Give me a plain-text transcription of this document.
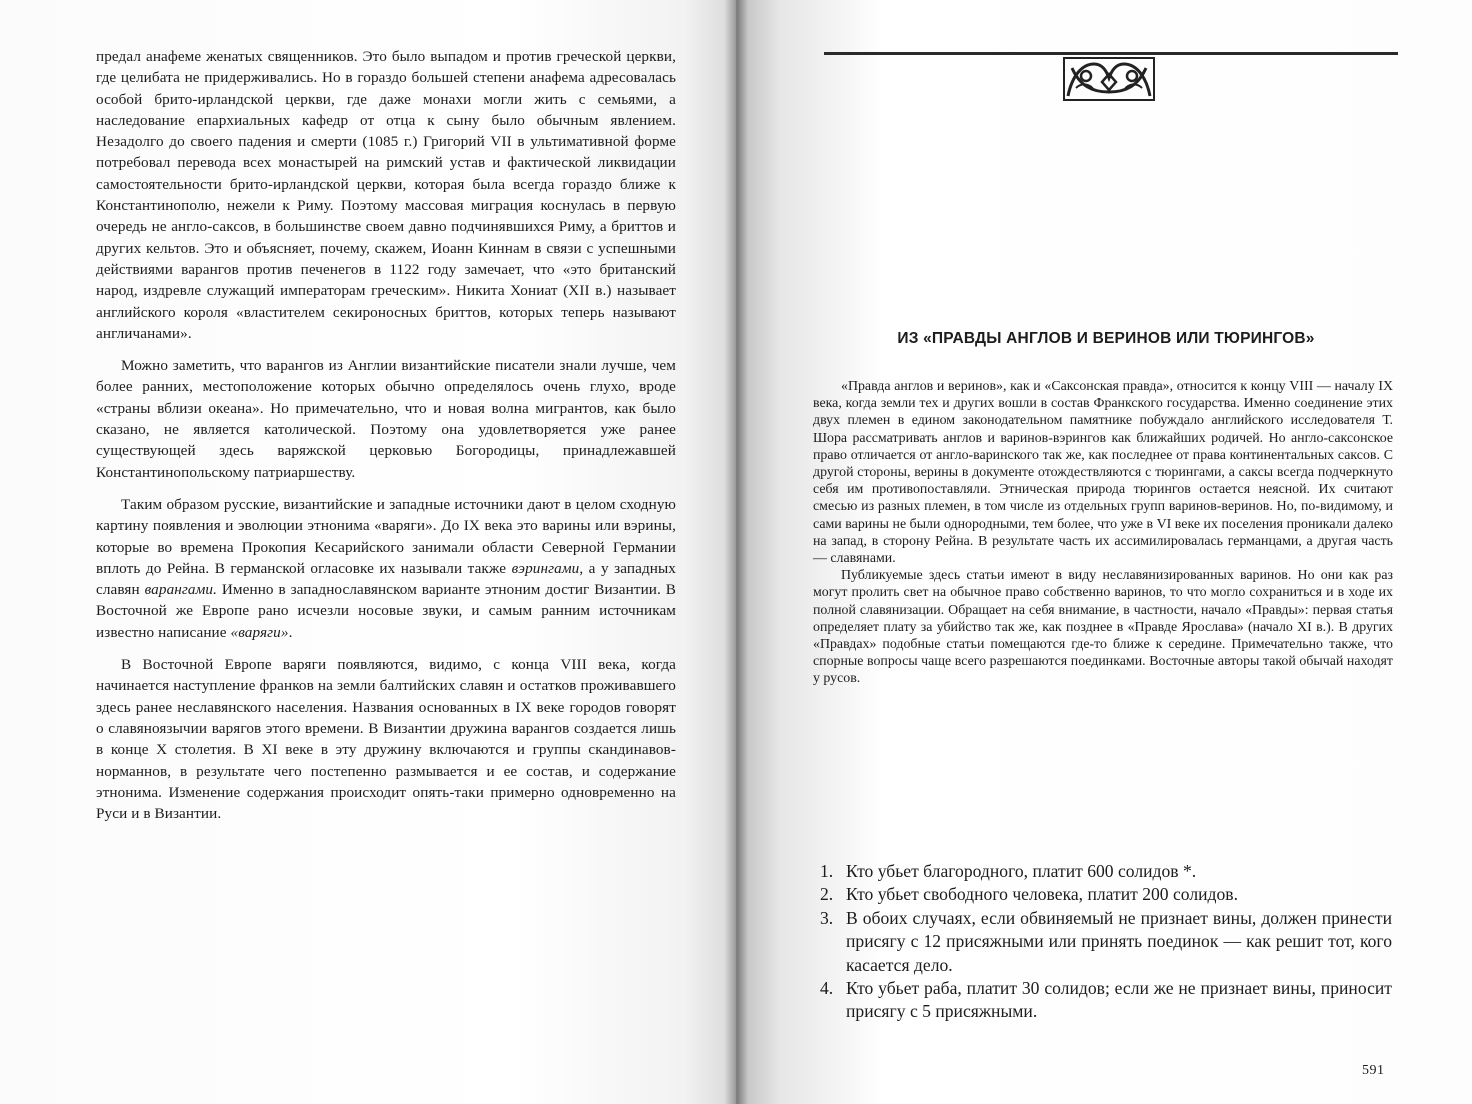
предал анафеме женатых священников. Это было выпадом и против греческой церкви, где целибата не придерживались. Но в гораздо большей степени анафема адресовалась особой брито-ирландской церкви, где даже монахи могли жить с семьями, а наследование епархиальных кафедр от отца к сыну было обычным явлением. Незадолго до своего падения и смерти (1085 г.) Григорий VII в ультимативной форме потребовал перевода всех монастырей на римский устав и фактической ликвидации самостоятельности брито-ирландской церкви, которая была всегда гораздо ближе к Константинополю, нежели к Риму. Поэтому массовая миграция коснулась в первую очередь не англо-саксов, в большинстве своем давно подчинявшихся Риму, а бриттов и других кельтов. Это и объясняет, почему, скажем, Иоанн Киннам в связи с успешными действиями варангов против печенегов в 1122 году замечает, что «это британский народ, издревле служащий императорам греческим». Никита Хониат (XII в.) называет английского короля «властителем секироносных бриттов, которых теперь называют англичанами».

Можно заметить, что варангов из Англии византийские писатели знали лучше, чем более ранних, местоположение которых обычно определялось очень глухо, вроде «страны вблизи океана». Но примечательно, что и новая волна мигрантов, как было сказано, не является католической. Поэтому она удовлетворяется уже ранее существующей здесь варяжской церковью Богородицы, принадлежавшей Константинопольскому патриаршеству.

Таким образом русские, византийские и западные источники дают в целом сходную картину появления и эволюции этнонима «варяги». До IX века это варины или вэрины, которые во времена Прокопия Кесарийского занимали области Северной Германии вплоть до Рейна. В германской огласовке их называли также вэрингами, а у западных славян варангами. Именно в западнославянском варианте этноним достиг Византии. В Восточной же Европе рано исчезли носовые звуки, и самым ранним источникам известно написание «варяги».

В Восточной Европе варяги появляются, видимо, с конца VIII века, когда начинается наступление франков на земли балтийских славян и остатков проживавшего здесь ранее неславянского населения. Названия основанных в IX веке городов говорят о славяноязычии варягов этого времени. В Византии дружина варангов создается лишь в конце X столетия. В XI веке в эту дружину включаются и группы скандинавов-норманнов, в результате чего постепенно размывается и ее состав, и содержание этнонима. Изменение содержания происходит опять-таки примерно одновременно на Руси и в Византии.

ИЗ «ПРАВДЫ АНГЛОВ И ВЕРИНОВ ИЛИ ТЮРИНГОВ»

«Правда англов и веринов», как и «Саксонская правда», относится к концу VIII — началу IX века, когда земли тех и других вошли в состав Франкского государства. Именно соединение этих двух племен в едином законодательном памятнике побуждало английского исследователя Т. Шора рассматривать англов и варинов-вэрингов как ближайших родичей. Но англо-саксонское право отличается от англо-варинского так же, как последнее от права континентальных саксов. С другой стороны, верины в документе отождествляются с тюрингами, а саксы всегда подчеркнуто себя им противопоставляли. Этническая природа тюрингов остается неясной. Их считают смесью из разных племен, в том числе из отдельных групп варинов-веринов. Но, по-видимому, и сами варины не были однородными, тем более, что уже в VI веке их поселения проникали далеко на запад, в сторону Рейна. В результате часть их ассимилировалась германцами, а другая часть — славянами.

Публикуемые здесь статьи имеют в виду неславянизированных варинов. Но они как раз могут пролить свет на обычное право собственно варинов, то что могло сохраниться и в ходе их полной славянизации. Обращает на себя внимание, в частности, начало «Правды»: первая статья определяет плату за убийство так же, как позднее в «Правде Ярослава» (начало XI в.). В других «Правдах» подобные статьи помещаются где-то ближе к середине. Примечательно также, что спорные вопросы чаще всего разрешаются поединками. Восточные авторы такой обычай находят у русов.

1. Кто убьет благородного, платит 600 солидов *.
2. Кто убьет свободного человека, платит 200 солидов.
3. В обоих случаях, если обвиняемый не признает вины, должен принести присягу с 12 присяжными или принять поединок — как решит тот, кого касается дело.
4. Кто убьет раба, платит 30 солидов; если же не признает вины, приносит присягу с 5 присяжными.
591
